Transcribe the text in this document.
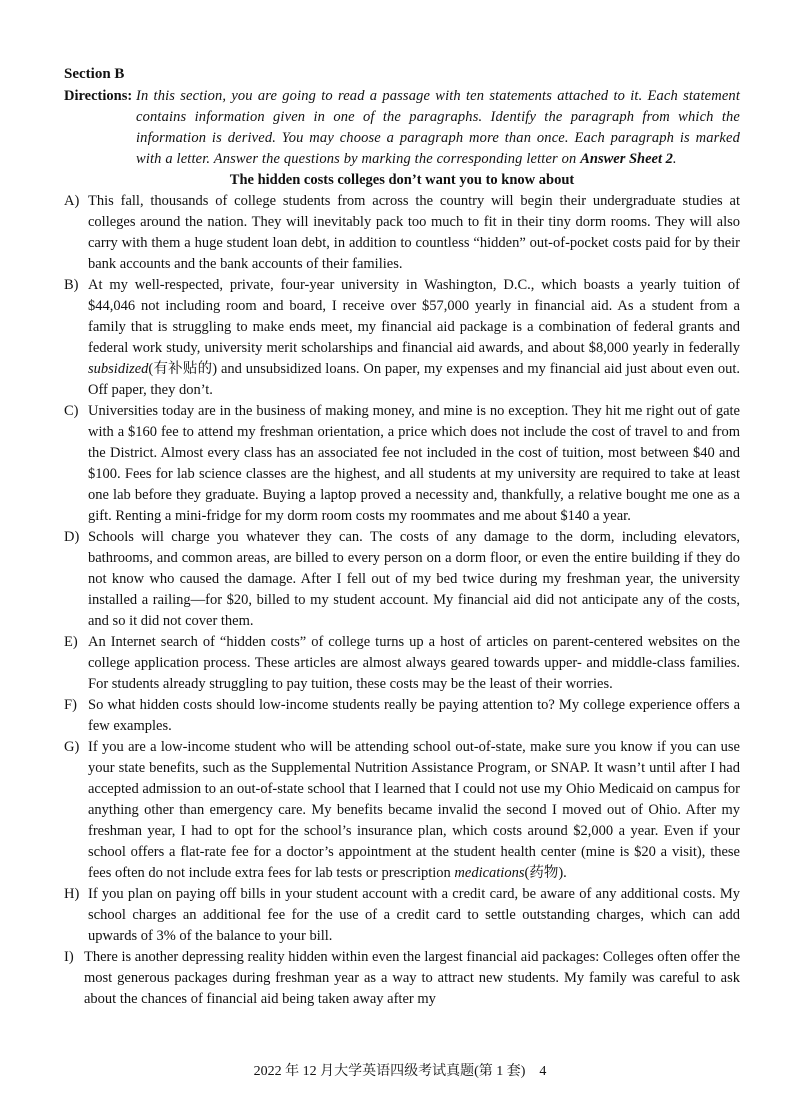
Section B
Directions: In this section, you are going to read a passage with ten statements attached to it. Each statement contains information given in one of the paragraphs. Identify the paragraph from which the information is derived. You may choose a paragraph more than once. Each paragraph is marked with a letter. Answer the questions by marking the corresponding letter on Answer Sheet 2.
The hidden costs colleges don’t want you to know about
A) This fall, thousands of college students from across the country will begin their undergraduate studies at colleges around the nation. They will inevitably pack too much to fit in their tiny dorm rooms. They will also carry with them a huge student loan debt, in addition to countless “hidden” out-of-pocket costs paid for by their bank accounts and the bank accounts of their families.
B) At my well-respected, private, four-year university in Washington, D.C., which boasts a yearly tuition of $44,046 not including room and board, I receive over $57,000 yearly in financial aid. As a student from a family that is struggling to make ends meet, my financial aid package is a combination of federal grants and federal work study, university merit scholarships and financial aid awards, and about $8,000 yearly in federally subsidized(有补贴的) and unsubsidized loans. On paper, my expenses and my financial aid just about even out. Off paper, they don’t.
C) Universities today are in the business of making money, and mine is no exception. They hit me right out of gate with a $160 fee to attend my freshman orientation, a price which does not include the cost of travel to and from the District. Almost every class has an associated fee not included in the cost of tuition, most between $40 and $100. Fees for lab science classes are the highest, and all students at my university are required to take at least one lab before they graduate. Buying a laptop proved a necessity and, thankfully, a relative bought me one as a gift. Renting a mini-fridge for my dorm room costs my roommates and me about $140 a year.
D) Schools will charge you whatever they can. The costs of any damage to the dorm, including elevators, bathrooms, and common areas, are billed to every person on a dorm floor, or even the entire building if they do not know who caused the damage. After I fell out of my bed twice during my freshman year, the university installed a railing—for $20, billed to my student account. My financial aid did not anticipate any of the costs, and so it did not cover them.
E) An Internet search of “hidden costs” of college turns up a host of articles on parent-centered websites on the college application process. These articles are almost always geared towards upper- and middle-class families. For students already struggling to pay tuition, these costs may be the least of their worries.
F) So what hidden costs should low-income students really be paying attention to? My college experience offers a few examples.
G) If you are a low-income student who will be attending school out-of-state, make sure you know if you can use your state benefits, such as the Supplemental Nutrition Assistance Program, or SNAP. It wasn’t until after I had accepted admission to an out-of-state school that I learned that I could not use my Ohio Medicaid on campus for anything other than emergency care. My benefits became invalid the second I moved out of Ohio. After my freshman year, I had to opt for the school’s insurance plan, which costs around $2,000 a year. Even if your school offers a flat-rate fee for a doctor’s appointment at the student health center (mine is $20 a visit), these fees often do not include extra fees for lab tests or prescription medications(药物).
H) If you plan on paying off bills in your student account with a credit card, be aware of any additional costs. My school charges an additional fee for the use of a credit card to settle outstanding charges, which can add upwards of 3% of the balance to your bill.
I) There is another depressing reality hidden within even the largest financial aid packages: Colleges often offer the most generous packages during freshman year as a way to attract new students. My family was careful to ask about the chances of financial aid being taken away after my
2022 年 12 月大学英语四级考试真题(第 1 套)　4
